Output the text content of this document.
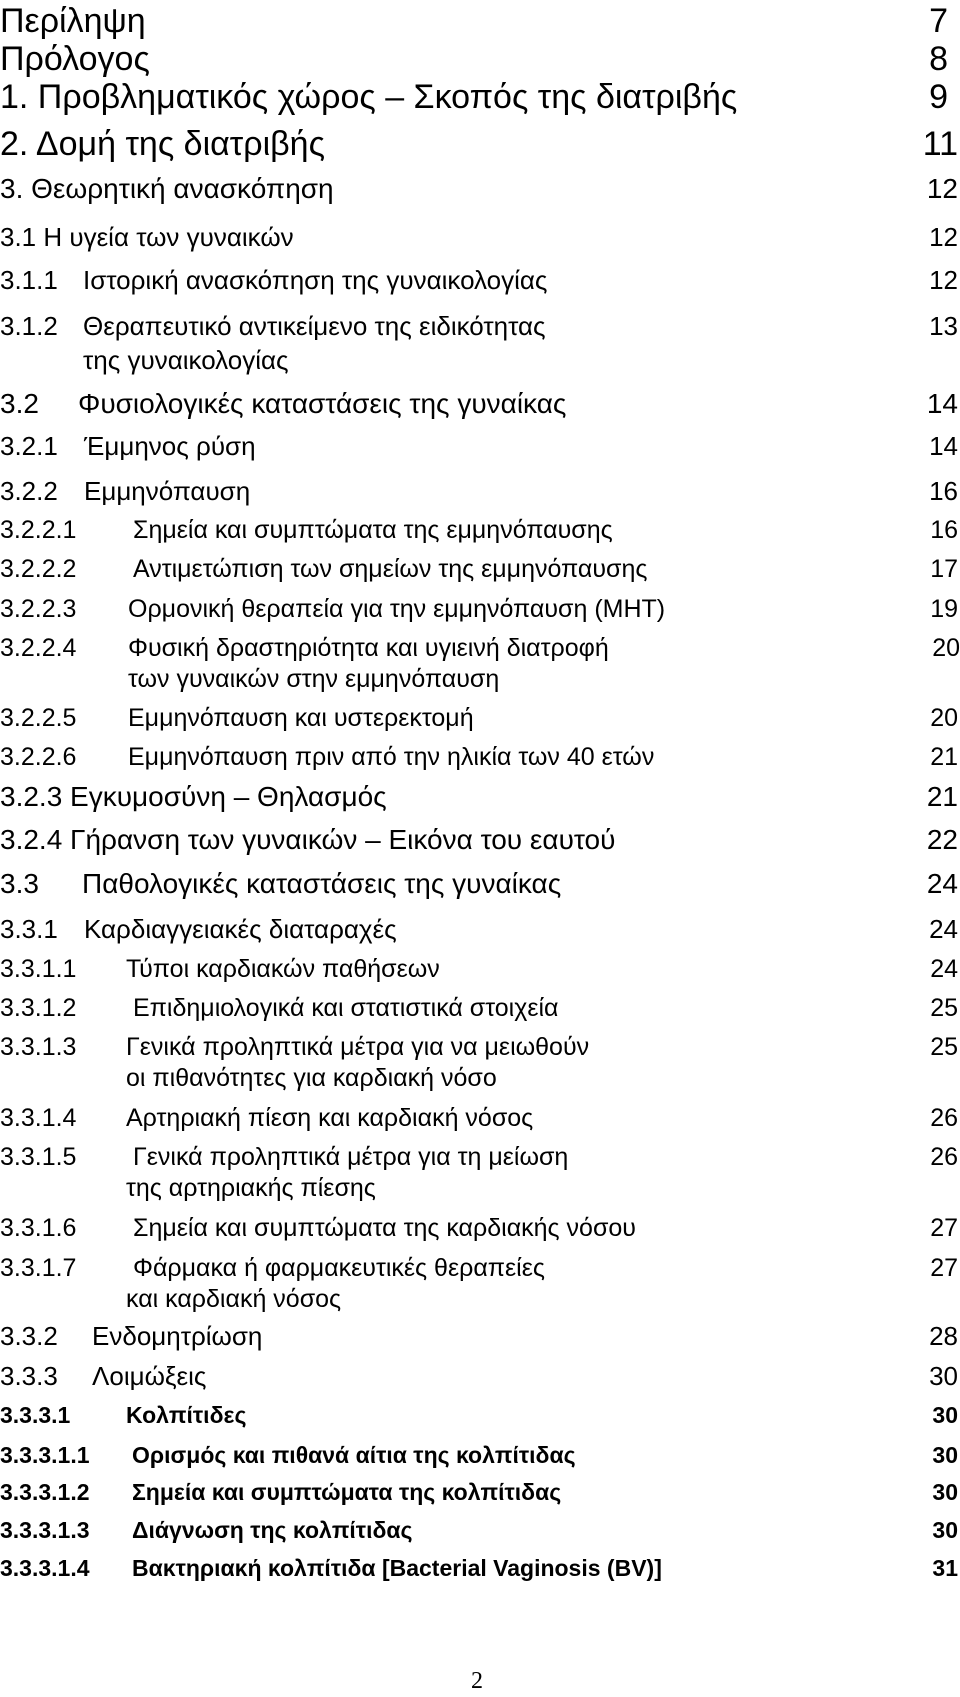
Περίληψη	7
Πρόλογος	8
1. Προβληματικός χώρος – Σκοπός της διατριβής	9
2. Δομή της διατριβής	11
3. Θεωρητική ανασκόπηση	12
3.1 Η υγεία των γυναικών	12
3.1.1 Ιστορική ανασκόπηση της γυναικολογίας	12
3.1.2 Θεραπευτικό αντικείμενο της ειδικότητας	13
της γυναικολογίας
3.2 Φυσιολογικές καταστάσεις της γυναίκας	14
3.2.1 Έμμηνος ρύση	14
3.2.2 Εμμηνόπαυση	16
3.2.2.1 Σημεία και συμπτώματα της εμμηνόπαυσης	16
3.2.2.2 Αντιμετώπιση των σημείων της εμμηνόπαυσης	17
3.2.2.3 Ορμονική θεραπεία για την εμμηνόπαυση (ΜΗΤ)	19
3.2.2.4 Φυσική δραστηριότητα και υγιεινή διατροφή	20
των γυναικών στην εμμηνόπαυση
3.2.2.5 Εμμηνόπαυση και υστερεκτομή	20
3.2.2.6 Εμμηνόπαυση πριν από την ηλικία των 40 ετών	21
3.2.3 Εγκυμοσύνη – Θηλασμός	21
3.2.4 Γήρανση των γυναικών – Εικόνα του εαυτού	22
3.3 Παθολογικές καταστάσεις της γυναίκας	24
3.3.1 Καρδιαγγειακές διαταραχές	24
3.3.1.1 Τύποι καρδιακών παθήσεων	24
3.3.1.2 Επιδημιολογικά και στατιστικά στοιχεία	25
3.3.1.3 Γενικά προληπτικά μέτρα για να μειωθούν	25
οι πιθανότητες για καρδιακή νόσο
3.3.1.4 Αρτηριακή πίεση και καρδιακή νόσος	26
3.3.1.5 Γενικά προληπτικά μέτρα για τη μείωση	26
της αρτηριακής πίεσης
3.3.1.6 Σημεία και συμπτώματα της καρδιακής νόσου	27
3.3.1.7 Φάρμακα ή φαρμακευτικές θεραπείες	27
και καρδιακή νόσος
3.3.2 Ενδομητρίωση	28
3.3.3 Λοιμώξεις	30
3.3.3.1 Κολπίτιδες	30
3.3.3.1.1 Ορισμός και πιθανά αίτια της κολπίτιδας	30
3.3.3.1.2 Σημεία και συμπτώματα της κολπίτιδας	30
3.3.3.1.3 Διάγνωση της κολπίτιδας	30
3.3.3.1.4 Βακτηριακή κολπίτιδα [Bacterial Vaginosis (BV)]	31
2
